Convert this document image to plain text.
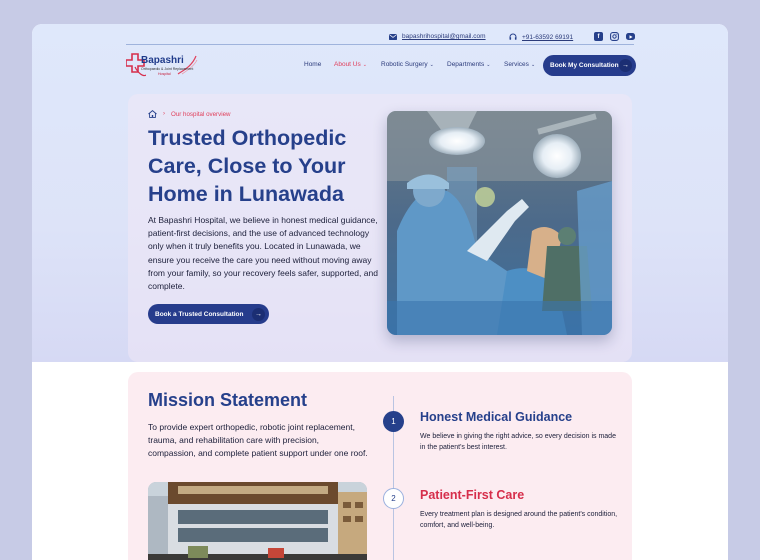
bapashrihospital@gmail.com	+91-63592 69191	f
Bapashri
Orthopaedic & Joint Replacement
Hospital
Home About Us ⌄ Robotic Surgery ⌄ Departments ⌄ Services ⌄ Book My Consultation →
› Our hospital overview
Trusted Orthopedic Care, Close to Your Home in Lunawada
At Bapashri Hospital, we believe in honest medical guidance, patient-first decisions, and the use of advanced technology only when it truly benefits you. Located in Lunawada, we ensure you receive the care you need without moving away from your family, so your recovery feels safer, supported, and complete.
Book a Trusted Consultation	→
Mission Statement
To provide expert orthopedic, robotic joint replacement, trauma, and rehabilitation care with precision, compassion, and complete patient support under one roof.
1	Honest Medical Guidance
We believe in giving the right advice, so every decision is made in the patient's best interest.
2	Patient-First Care
Every treatment plan is designed around the patient's condition, comfort, and well-being.
